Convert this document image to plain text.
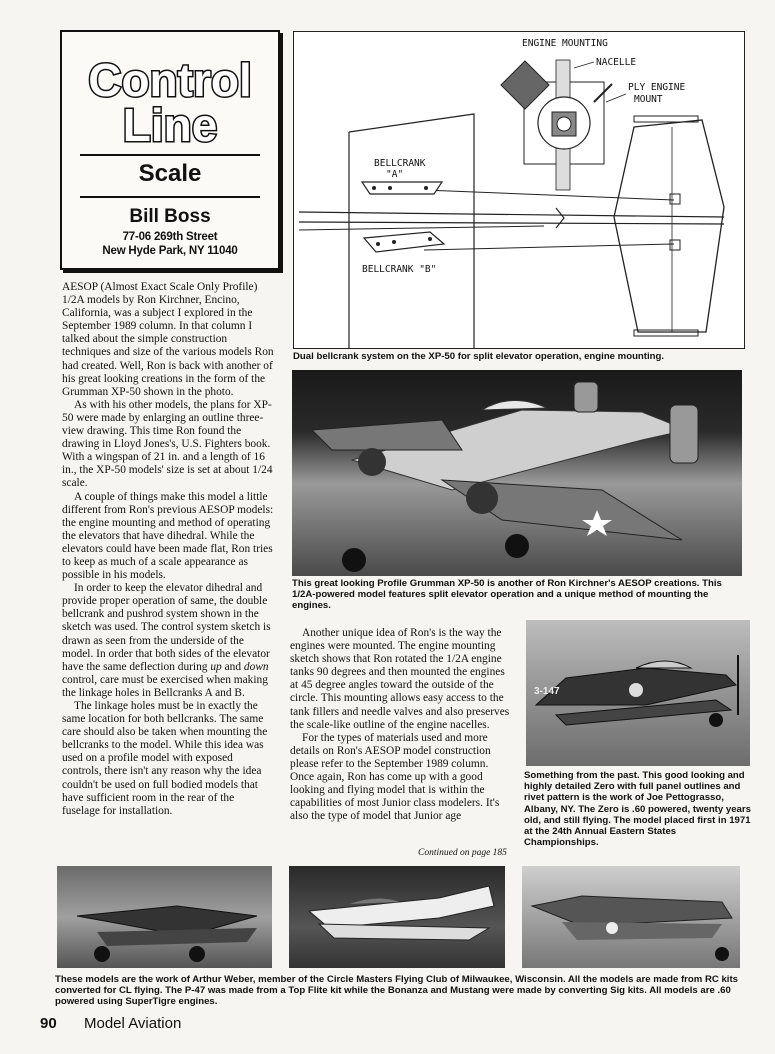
Control
Line
Scale
Bill Boss
77-06 269th Street
New Hyde Park, NY 11040
ENGINE MOUNTING
NACELLE
PLY ENGINE
MOUNT
BELLCRANK
"A"
BELLCRANK "B"
Dual bellcrank system on the XP-50 for split elevator operation, engine mounting.
This great looking Profile Grumman XP-50 is another of Ron Kirchner's AESOP creations. This 1/2A-powered model features split elevator operation and a unique method of mounting the engines.
3-147
Something from the past. This good looking and highly detailed Zero with full panel outlines and rivet pattern is the work of Joe Pettograsso, Albany, NY. The Zero is .60 powered, twenty years old, and still flying. The model placed first in 1971 at the 24th Annual Eastern States Championships.

AESOP (Almost Exact Scale Only Profile) 1/2A models by Ron Kirchner, Encino, California, was a subject I explored in the September 1989 column. In that column I talked about the simple construction techniques and size of the various models Ron had created. Well, Ron is back with another of his great looking creations in the form of the Grumman XP-50 shown in the photo.

As with his other models, the plans for XP-50 were made by enlarging an outline three-view drawing. This time Ron found the drawing in Lloyd Jones's, U.S. Fighters book. With a wingspan of 21 in. and a length of 16 in., the XP-50 models' size is set at about 1/24 scale.

A couple of things make this model a little different from Ron's previous AESOP models: the engine mounting and method of operating the elevators that have dihedral. While the elevators could have been made flat, Ron tries to keep as much of a scale appearance as possible in his models.

In order to keep the elevator dihedral and provide proper operation of same, the double bellcrank and pushrod system shown in the sketch was used. The control system sketch is drawn as seen from the underside of the model. In order that both sides of the elevator have the same deflection during up and down control, care must be exercised when making the linkage holes in Bellcranks A and B.

The linkage holes must be in exactly the same location for both bellcranks. The same care should also be taken when mounting the bellcranks to the model. While this idea was used on a profile model with exposed controls, there isn't any reason why the idea couldn't be used on full bodied models that have sufficient room in the rear of the fuselage for installation.

Another unique idea of Ron's is the way the engines were mounted. The engine mounting sketch shows that Ron rotated the 1/2A engine tanks 90 degrees and then mounted the engines at 45 degree angles toward the outside of the circle. This mounting allows easy access to the tank fillers and needle valves and also preserves the scale-like outline of the engine nacelles.

For the types of materials used and more details on Ron's AESOP model construction please refer to the September 1989 column. Once again, Ron has come up with a good looking and flying model that is within the capabilities of most Junior class modelers. It's also the type of model that Junior age

Continued on page 185
These models are the work of Arthur Weber, member of the Circle Masters Flying Club of Milwaukee, Wisconsin. All the models are made from RC kits converted for CL flying. The P-47 was made from a Top Flite kit while the Bonanza and Mustang were made by converting Sig kits. All models are .60 powered using SuperTigre engines.
90 Model Aviation
